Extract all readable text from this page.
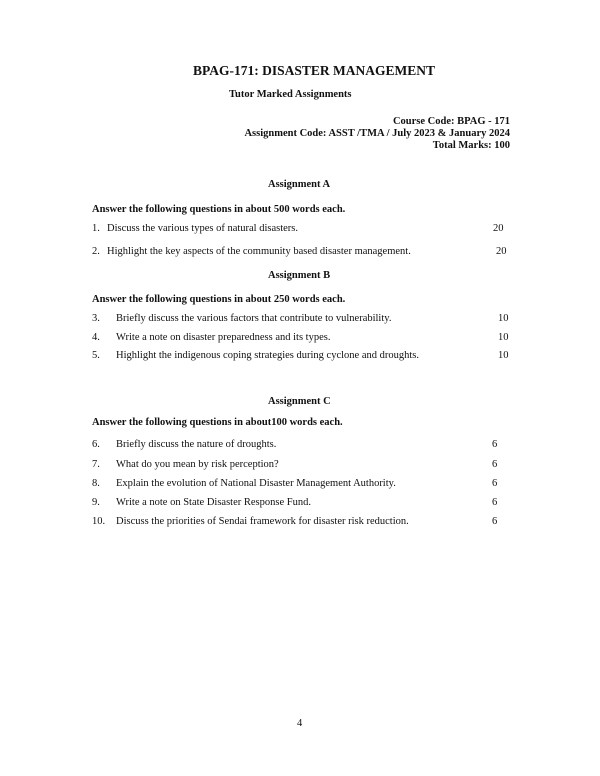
BPAG-171: DISASTER MANAGEMENT
Tutor Marked Assignments
Course Code: BPAG - 171
Assignment Code: ASST /TMA / July 2023 & January 2024
Total Marks: 100
Assignment A
Answer the following questions in about 500 words each.
1. Discuss the various types of natural disasters.	20
2. Highlight the key aspects of the community based disaster management.	20
Assignment B
Answer the following questions in about 250 words each.
3. Briefly discuss the various factors that contribute to vulnerability.	10
4. Write a note on disaster preparedness and its types.	10
5. Highlight the indigenous coping strategies during cyclone and droughts.	10
Assignment C
Answer the following questions in about100 words each.
6. Briefly discuss the nature of droughts.	6
7. What do you mean by risk perception?	6
8. Explain the evolution of National Disaster Management Authority.	6
9. Write a note on State Disaster Response Fund.	6
10. Discuss the priorities of Sendai framework for disaster risk reduction.	6
4
